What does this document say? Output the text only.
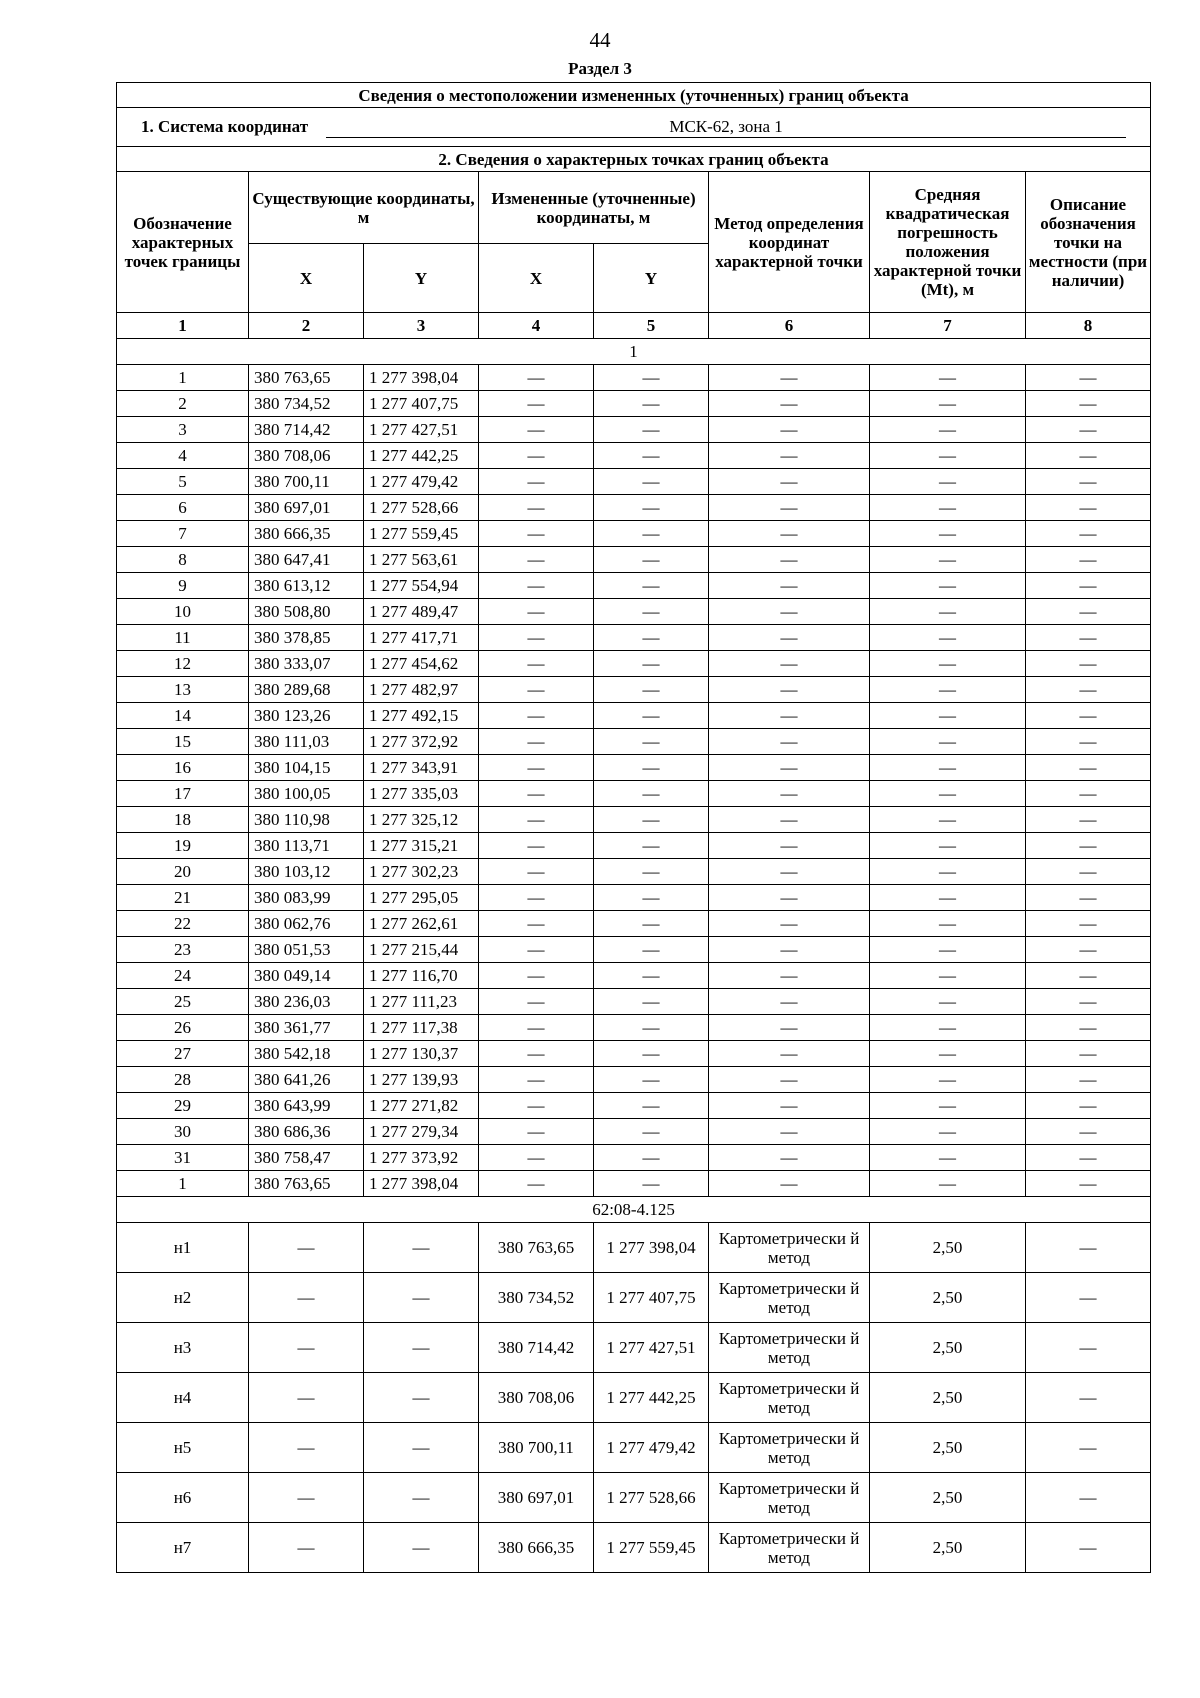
44
Раздел 3
Сведения о местоположении измененных (уточненных) границ объекта							
1. Система координат МСК-62, зона 1							
2. Сведения о характерных точках границ объекта							
Обозначение характерных точек границы	Существующие координаты, м		Измененные (уточненные) координаты, м		Метод определения координат характерной точки	Средняя квадратическая погрешность положения характерной точки (Mt), м	Описание обозначения точки на местности (при наличии)
	X	Y	X	Y			
1	2	3	4	5	6	7	8
1							
1	380 763,65	1 277 398,04	—	—	—	—	—
2	380 734,52	1 277 407,75	—	—	—	—	—
3	380 714,42	1 277 427,51	—	—	—	—	—
4	380 708,06	1 277 442,25	—	—	—	—	—
5	380 700,11	1 277 479,42	—	—	—	—	—
6	380 697,01	1 277 528,66	—	—	—	—	—
7	380 666,35	1 277 559,45	—	—	—	—	—
8	380 647,41	1 277 563,61	—	—	—	—	—
9	380 613,12	1 277 554,94	—	—	—	—	—
10	380 508,80	1 277 489,47	—	—	—	—	—
11	380 378,85	1 277 417,71	—	—	—	—	—
12	380 333,07	1 277 454,62	—	—	—	—	—
13	380 289,68	1 277 482,97	—	—	—	—	—
14	380 123,26	1 277 492,15	—	—	—	—	—
15	380 111,03	1 277 372,92	—	—	—	—	—
16	380 104,15	1 277 343,91	—	—	—	—	—
17	380 100,05	1 277 335,03	—	—	—	—	—
18	380 110,98	1 277 325,12	—	—	—	—	—
19	380 113,71	1 277 315,21	—	—	—	—	—
20	380 103,12	1 277 302,23	—	—	—	—	—
21	380 083,99	1 277 295,05	—	—	—	—	—
22	380 062,76	1 277 262,61	—	—	—	—	—
23	380 051,53	1 277 215,44	—	—	—	—	—
24	380 049,14	1 277 116,70	—	—	—	—	—
25	380 236,03	1 277 111,23	—	—	—	—	—
26	380 361,77	1 277 117,38	—	—	—	—	—
27	380 542,18	1 277 130,37	—	—	—	—	—
28	380 641,26	1 277 139,93	—	—	—	—	—
29	380 643,99	1 277 271,82	—	—	—	—	—
30	380 686,36	1 277 279,34	—	—	—	—	—
31	380 758,47	1 277 373,92	—	—	—	—	—
1	380 763,65	1 277 398,04	—	—	—	—	—
62:08-4.125							
н1	—	—	380 763,65	1 277 398,04	Картометрически й метод	2,50	—
н2	—	—	380 734,52	1 277 407,75	Картометрически й метод	2,50	—
н3	—	—	380 714,42	1 277 427,51	Картометрически й метод	2,50	—
н4	—	—	380 708,06	1 277 442,25	Картометрически й метод	2,50	—
н5	—	—	380 700,11	1 277 479,42	Картометрически й метод	2,50	—
н6	—	—	380 697,01	1 277 528,66	Картометрически й метод	2,50	—
н7	—	—	380 666,35	1 277 559,45	Картометрически й метод	2,50	—
